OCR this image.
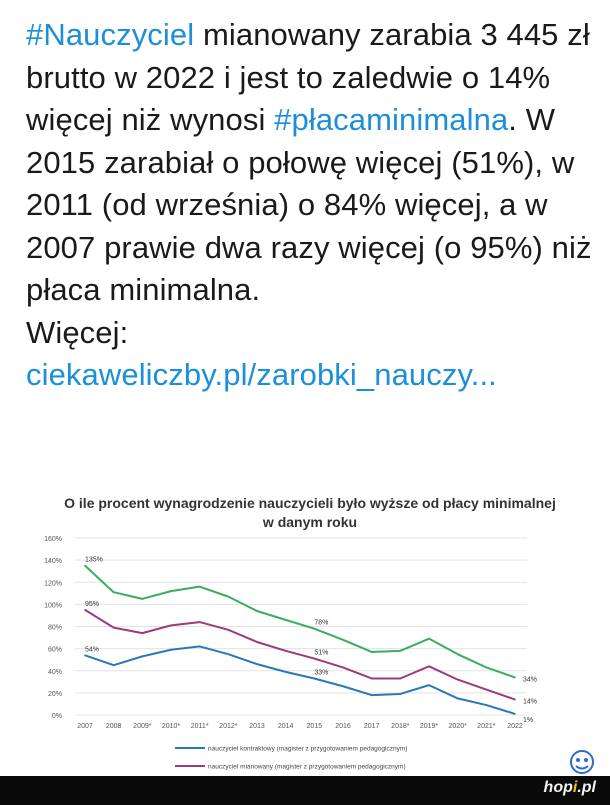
#Nauczyciel mianowany zarabia 3 445 zł brutto w 2022 i jest to zaledwie o 14% więcej niż wynosi #płacaminimalna. W 2015 zarabiał o połowę więcej (51%), w 2011 (od września) o 84% więcej, a w 2007 prawie dwa razy więcej (o 95%) niż płaca minimalna.
Więcej:
ciekaweliczby.pl/zarobki_nauczy...
O ile procent wynagrodzenie nauczycieli było wyższe od płacy minimalnej w danym roku
0%
20%
40%
60%
80%
100%
120%
140%
160%
2007 2008 2009* 2010* 2011* 2012* 2013 2014 2015 2016 2017 2018* 2019* 2020* 2021* 2022
54%
33%
1%
95%
51%
14%
135%
78%
34%
nauczyciel kontraktowy (magister z przygotowaniem pedagogicznym)
nauczyciel mianowany (magister z przygotowaniem pedagogicznym)
hopi.pl
